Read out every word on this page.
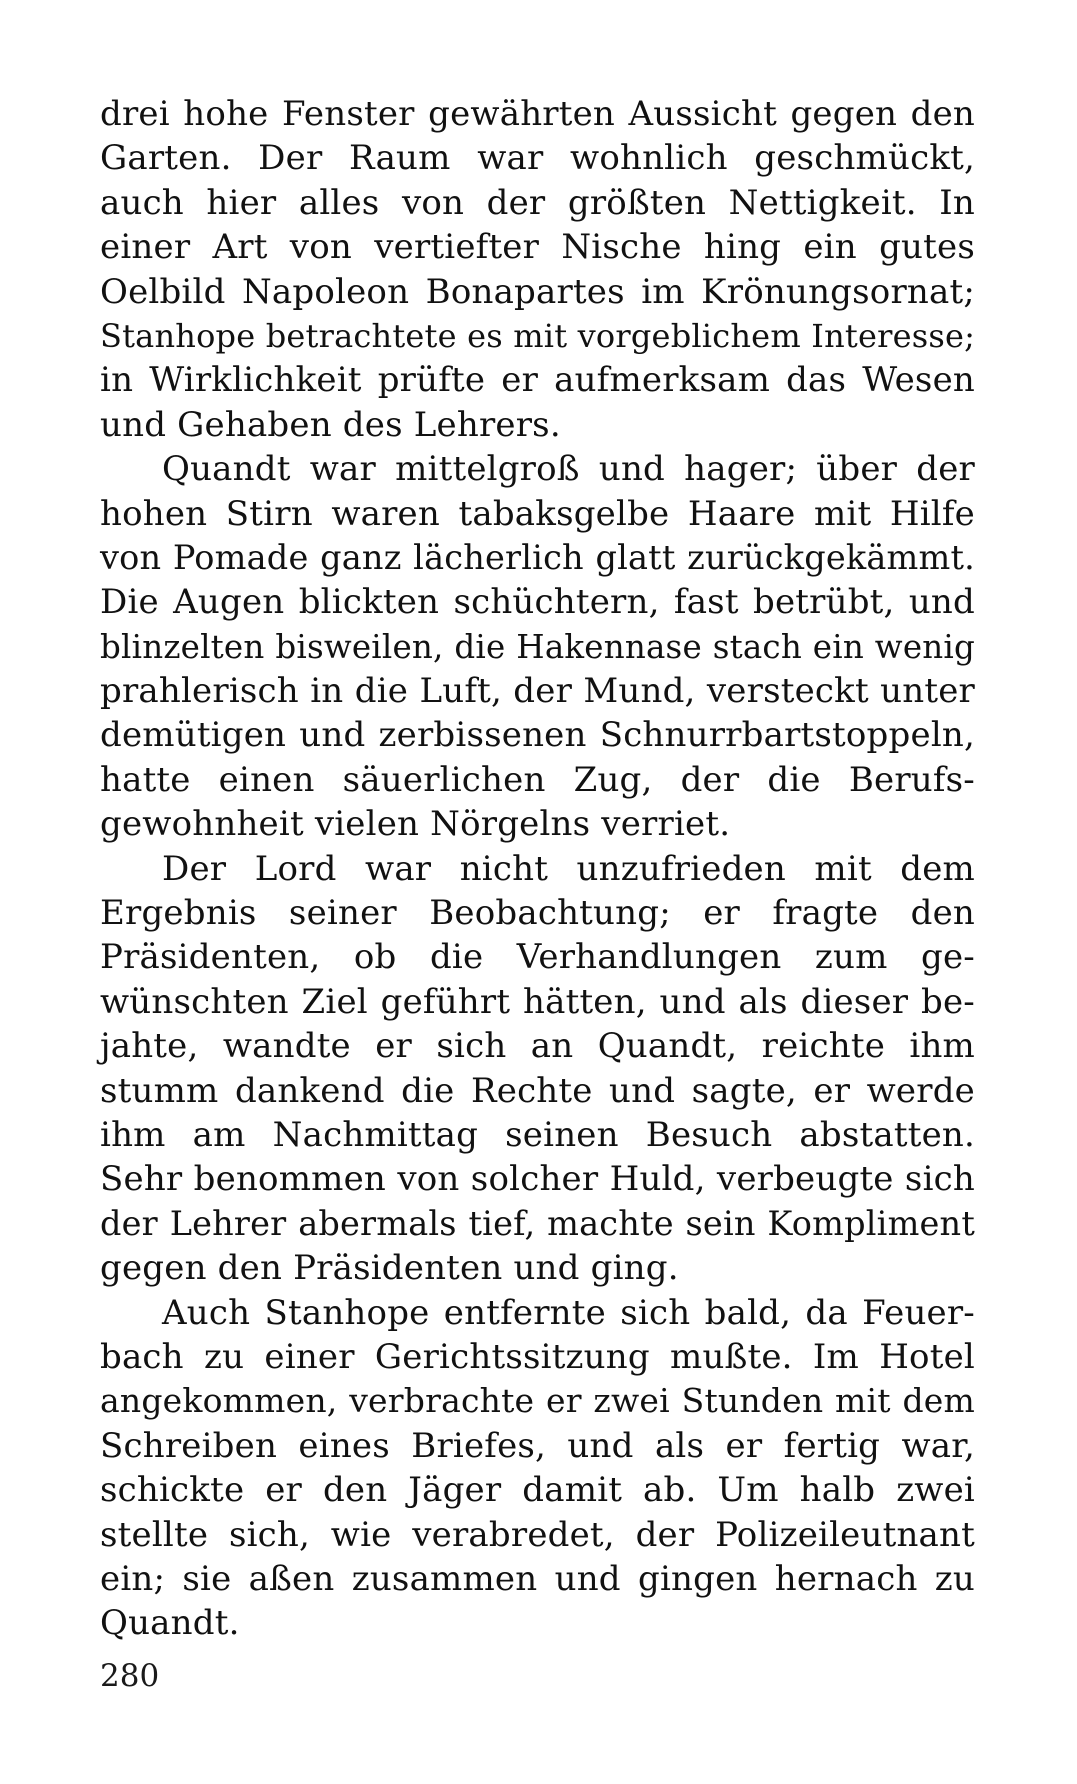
drei hohe Fenster gewährten Aussicht gegen den
Garten. Der Raum war wohnlich geschmückt,
auch hier alles von der größten Nettigkeit. In
einer Art von vertiefter Nische hing ein gutes
Oelbild Napoleon Bonapartes im Krönungsornat;
Stanhope betrachtete es mit vorgeblichem Interesse;
in Wirklichkeit prüfte er aufmerksam das Wesen
und Gehaben des Lehrers.
Quandt war mittelgroß und hager; über der
hohen Stirn waren tabaksgelbe Haare mit Hilfe
von Pomade ganz lächerlich glatt zurückgekämmt.
Die Augen blickten schüchtern, fast betrübt, und
blinzelten bisweilen, die Hakennase stach ein wenig
prahlerisch in die Luft, der Mund, versteckt unter
demütigen und zerbissenen Schnurrbartstoppeln,
hatte einen säuerlichen Zug, der die Berufs-
gewohnheit vielen Nörgelns verriet.
Der Lord war nicht unzufrieden mit dem
Ergebnis seiner Beobachtung; er fragte den
Präsidenten, ob die Verhandlungen zum ge-
wünschten Ziel geführt hätten, und als dieser be-
jahte, wandte er sich an Quandt, reichte ihm
stumm dankend die Rechte und sagte, er werde
ihm am Nachmittag seinen Besuch abstatten.
Sehr benommen von solcher Huld, verbeugte sich
der Lehrer abermals tief, machte sein Kompliment
gegen den Präsidenten und ging.
Auch Stanhope entfernte sich bald, da Feuer-
bach zu einer Gerichtssitzung mußte. Im Hotel
angekommen, verbrachte er zwei Stunden mit dem
Schreiben eines Briefes, und als er fertig war,
schickte er den Jäger damit ab. Um halb zwei
stellte sich, wie verabredet, der Polizeileutnant
ein; sie aßen zusammen und gingen hernach zu
Quandt.
280
